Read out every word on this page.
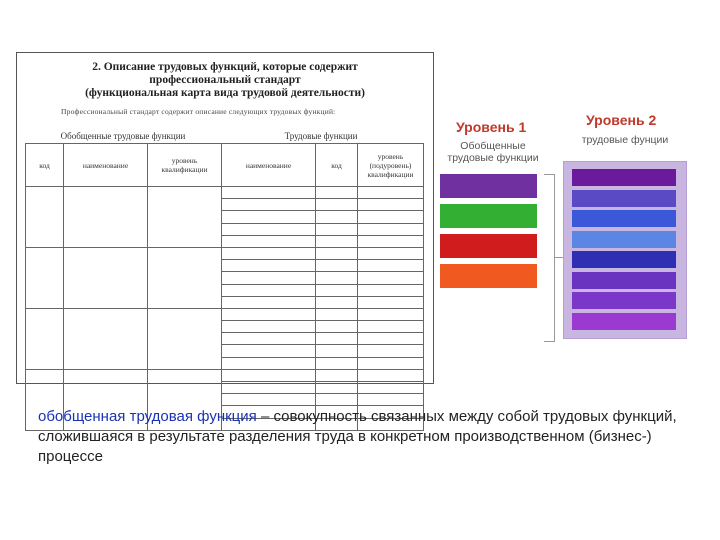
2. Описание трудовых функций, которые содержит
профессиональный стандарт
(функциональная карта вида трудовой деятельности)
Профессиональный стандарт содержит описание следующих трудовых функций:
Обобщенные трудовые функции	Трудовые функции
код	наименование	уровень квалификации	наименование	код	уровень (подуровень) квалификации

Уровень 1
Обобщенные трудовые функции
Уровень 2
трудовые фунции

обобщенная трудовая функция – совокупность связанных между собой трудовых функций, сложившаяся в результате разделения труда в конкретном производственном (бизнес-) процессе
